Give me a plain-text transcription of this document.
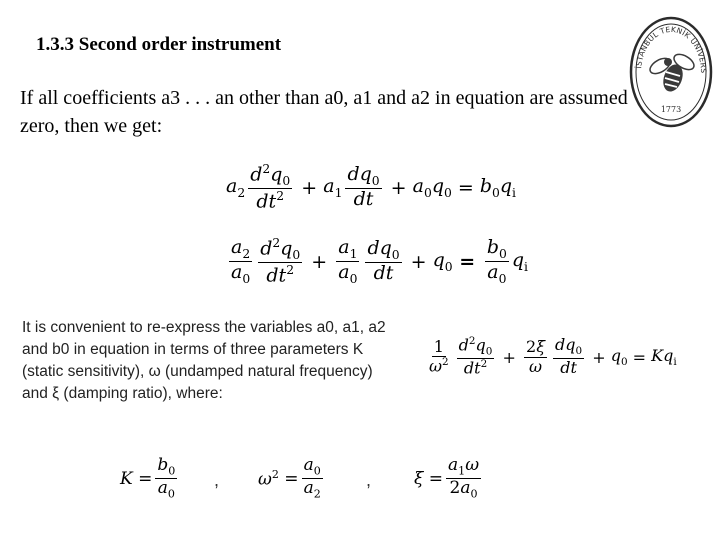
1.3.3 Second order instrument
If all coefficients a3 . . . an other than a0, a1 and a2 in equation are assumed zero, then we get:
İSTANBUL TEKNİK ÜNİVERS
1773
$a_2 \frac{d^2q_0}{dt^2} + a_1 \frac{dq_0}{dt} + a_0q_0 = b_0q_i$
$\frac{a_2}{a_0} \frac{d^2q_0}{dt^2} + \frac{a_1}{a_0} \frac{dq_0}{dt} + q_0 = \frac{b_0}{a_0} q_i$
It is convenient to re-express the variables a0, a1, a2 and b0 in equation in terms of three parameters K (static sensitivity), ω (undamped natural frequency) and ξ (damping ratio), where:
$\frac{1}{\omega^2} \frac{d^2q_0}{dt^2} + \frac{2\xi}{\omega} \frac{dq_0}{dt} + q_0 = Kq_i$
$K = \frac{b_0}{a_0}$ , $\omega^2 = \frac{a_0}{a_2}$ ,	$\xi = \frac{a_1\omega}{2a_0}$
